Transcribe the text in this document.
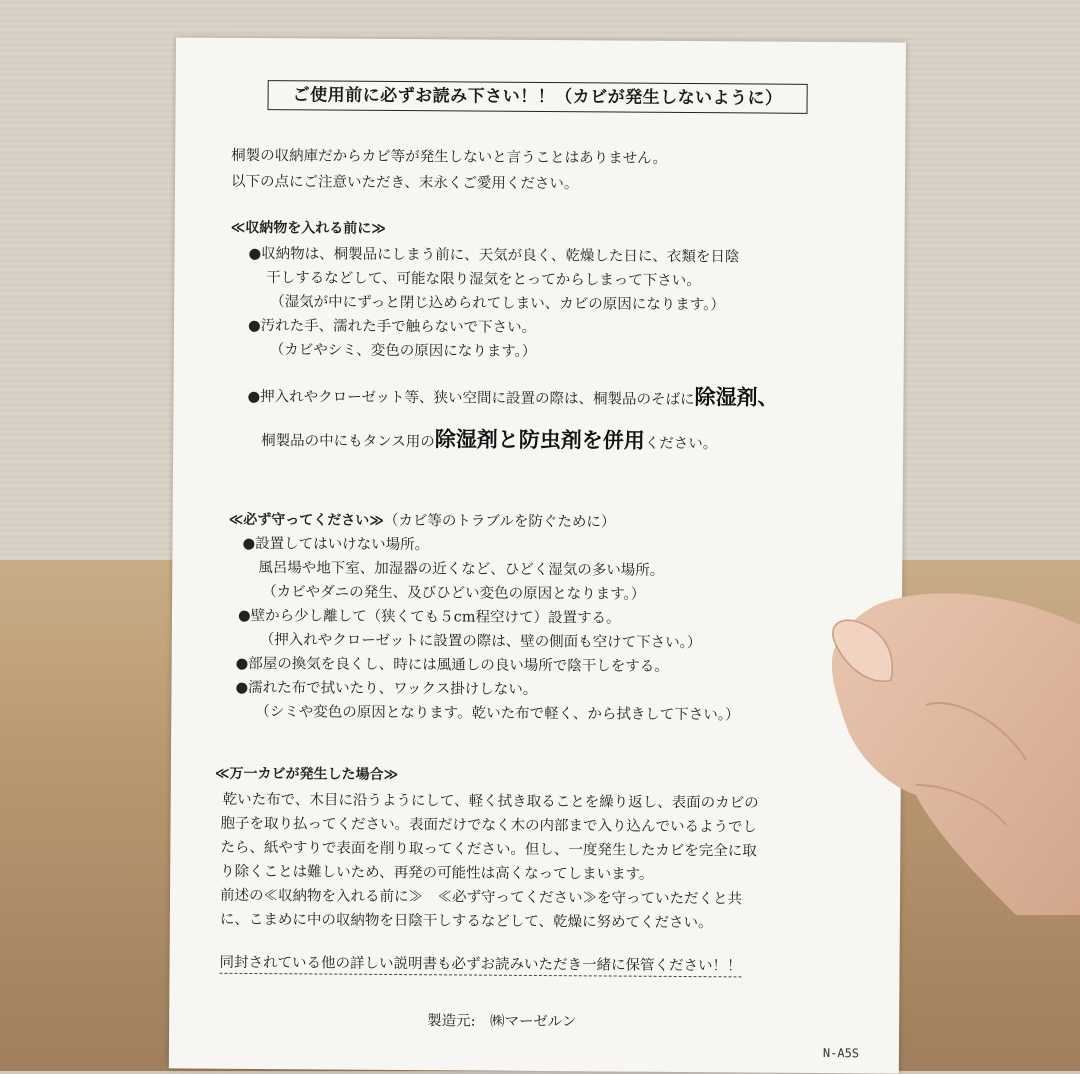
ご使用前に必ずお読み下さい！！（カビが発生しないように）
桐製の収納庫だからカビ等が発生しないと言うことはありません。
以下の点にご注意いただき、末永くご愛用ください。
≪収納物を入れる前に≫
●収納物は、桐製品にしまう前に、天気が良く、乾燥した日に、衣類を日陰
干しするなどして、可能な限り湿気をとってからしまって下さい。
（湿気が中にずっと閉じ込められてしまい、カビの原因になります。）
●汚れた手、濡れた手で触らないで下さい。
（カビやシミ、変色の原因になります。）
●押入れやクローゼット等、狭い空間に設置の際は、桐製品のそばに除湿剤、
桐製品の中にもタンス用の除湿剤と防虫剤を併用ください。
≪必ず守ってください≫（カビ等のトラブルを防ぐために）
●設置してはいけない場所。
風呂場や地下室、加湿器の近くなど、ひどく湿気の多い場所。
（カビやダニの発生、及びひどい変色の原因となります。）
●壁から少し離して（狭くても５cm程空けて）設置する。
（押入れやクローゼットに設置の際は、壁の側面も空けて下さい。）
●部屋の換気を良くし、時には風通しの良い場所で陰干しをする。
●濡れた布で拭いたり、ワックス掛けしない。
（シミや変色の原因となります。乾いた布で軽く、から拭きして下さい。）
≪万一カビが発生した場合≫
乾いた布で、木目に沿うようにして、軽く拭き取ることを繰り返し、表面のカビの
胞子を取り払ってください。表面だけでなく木の内部まで入り込んでいるようでし
たら、紙やすりで表面を削り取ってください。但し、一度発生したカビを完全に取
り除くことは難しいため、再発の可能性は高くなってしまいます。
前述の≪収納物を入れる前に≫　≪必ず守ってください≫を守っていただくと共
に、こまめに中の収納物を日陰干しするなどして、乾燥に努めてください。
同封されている他の詳しい説明書も必ずお読みいただき一緒に保管ください！！
製造元:　㈱マーゼルン
N-A5S
